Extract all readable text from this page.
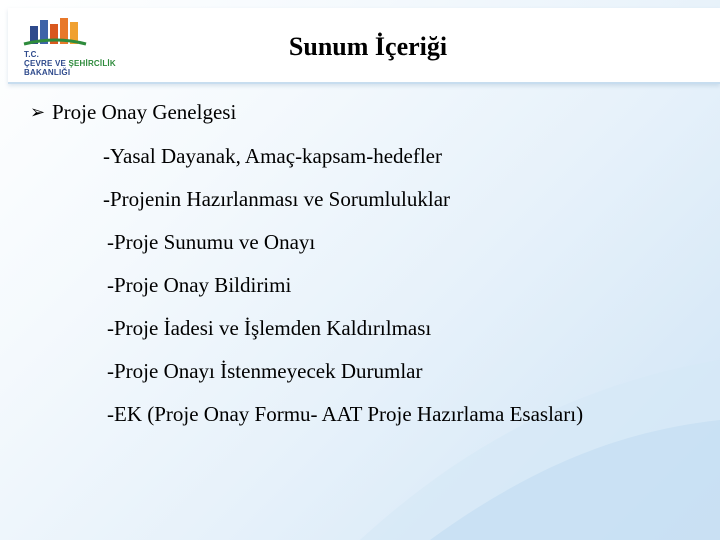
T.C.
ÇEVRE VE ŞEHİRCİLİK
BAKANLIĞI
Sunum İçeriği
➢ Proje Onay Genelgesi
-Yasal Dayanak, Amaç-kapsam-hedefler
-Projenin Hazırlanması ve Sorumluluklar
-Proje Sunumu ve Onayı
-Proje Onay Bildirimi
-Proje İadesi ve İşlemden Kaldırılması
-Proje Onayı İstenmeyecek Durumlar
-EK (Proje Onay Formu- AAT Proje Hazırlama Esasları)
